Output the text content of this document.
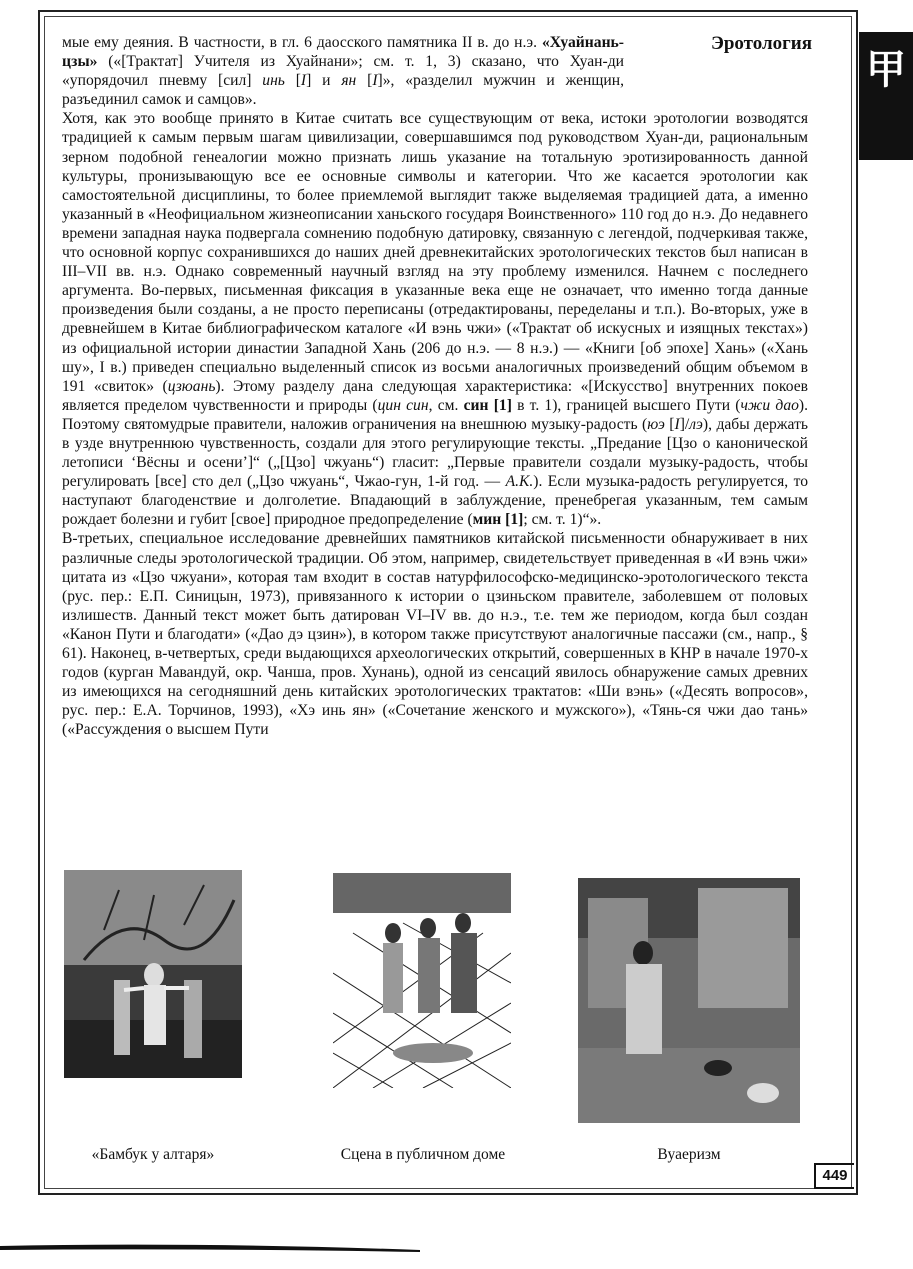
甲
Эротология

мые ему деяния. В частности, в гл. 6 даосского памятника II в. до н.э. «Хуайнань-цзы» («[Трактат] Учителя из Хуайнани»; см. т. 1, 3) сказано, что Хуан-ди «упорядочил пневму [сил] инь [I] и ян [I]», «разделил мужчин и женщин, разъединил самок и самцов».

Хотя, как это вообще принято в Китае считать все существующим от века, истоки эротологии возводятся традицией к самым первым шагам цивилизации, совершавшимся под руководством Хуан-ди, рациональным зерном подобной генеалогии можно признать лишь указание на тотальную эротизированность данной культуры, пронизывающую все ее основные символы и категории. Что же касается эротологии как самостоятельной дисциплины, то более приемлемой выглядит также выделяемая традицией дата, а именно указанный в «Неофициальном жизнеописании ханьского государя Воинственного» 110 год до н.э. До недавнего времени западная наука подвергала сомнению подобную датировку, связанную с легендой, подчеркивая также, что основной корпус сохранившихся до наших дней древнекитайских эротологических текстов был написан в III–VII вв. н.э. Однако современный научный взгляд на эту проблему изменился. Начнем с последнего аргумента. Во-первых, письменная фиксация в указанные века еще не означает, что именно тогда данные произведения были созданы, а не просто переписаны (отредактированы, переделаны и т.п.). Во-вторых, уже в древнейшем в Китае библиографическом каталоге «И вэнь чжи» («Трактат об искусных и изящных текстах») из официальной истории династии Западной Хань (206 до н.э. — 8 н.э.) — «Книги [об эпохе] Хань» («Хань шу», I в.) приведен специально выделенный список из восьми аналогичных произведений общим объемом в 191 «свиток» (цзюань). Этому разделу дана следующая характеристика: «[Искусство] внутренних покоев является пределом чувственности и природы (цин син, см. син [1] в т. 1), границей высшего Пути (чжи дао). Поэтому святомудрые правители, наложив ограничения на внешнюю музыку-радость (юэ [I]/лэ), дабы держать в узде внутреннюю чувственность, создали для этого регулирующие тексты. „Предание [Цзо о канонической летописи ‘Вёсны и осени’]“ („[Цзо] чжуань“) гласит: „Первые правители создали музыку-радость, чтобы регулировать [все] сто дел („Цзо чжуань“, Чжао-гун, 1-й год. — А.К.). Если музыка-радость регулируется, то наступают благоденствие и долголетие. Впадающий в заблуждение, пренебрегая указанным, тем самым рождает болезни и губит [свое] природное предопределение (мин [1]; см. т. 1)“».

В-третьих, специальное исследование древнейших памятников китайской письменности обнаруживает в них различные следы эротологической традиции. Об этом, например, свидетельствует приведенная в «И вэнь чжи» цитата из «Цзо чжуани», которая там входит в состав натурфилософско-медицинско-эротологического текста (рус. пер.: Е.П. Синицын, 1973), привязанного к истории о цзиньском правителе, заболевшем от половых излишеств. Данный текст может быть датирован VI–IV вв. до н.э., т.е. тем же периодом, когда был создан «Канон Пути и благодати» («Дао дэ цзин»), в котором также присутствуют аналогичные пассажи (см., напр., § 61). Наконец, в-четвертых, среди выдающихся археологических открытий, совершенных в КНР в начале 1970-х годов (курган Мавандуй, окр. Чанша, пров. Хунань), одной из сенсаций явилось обнаружение самых древних из имеющихся на сегодняшний день китайских эротологических трактатов: «Ши вэнь» («Десять вопросов», рус. пер.: Е.А. Торчинов, 1993), «Хэ инь ян» («Сочетание женского и мужского»), «Тянь-ся чжи дао тань» («Рассуждения о высшем Пути

«Бамбук у алтаря»	Сцена в публичном доме	Вуаеризм
449
